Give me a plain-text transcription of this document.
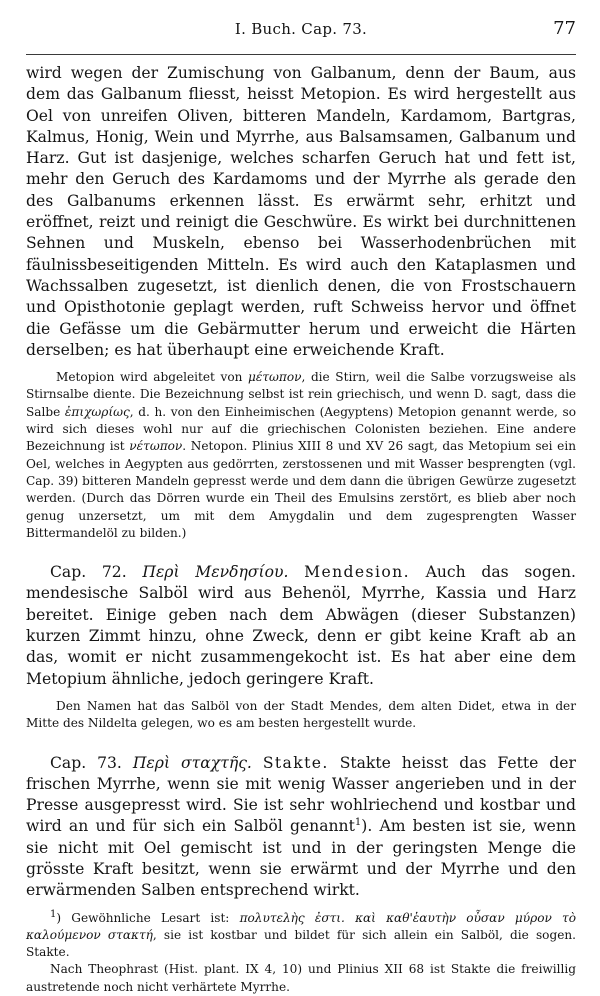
I. Buch. Cap. 73.	77

wird wegen der Zumischung von Galbanum, denn der Baum, aus dem das Galbanum fliesst, heisst Metopion. Es wird hergestellt aus Oel von unreifen Oliven, bitteren Mandeln, Kardamom, Bartgras, Kalmus, Honig, Wein und Myrrhe, aus Balsamsamen, Galbanum und Harz. Gut ist dasjenige, welches scharfen Geruch hat und fett ist, mehr den Geruch des Kardamoms und der Myrrhe als gerade den des Galbanums erkennen lässt. Es erwärmt sehr, erhitzt und eröffnet, reizt und reinigt die Geschwüre. Es wirkt bei durchnittenen Sehnen und Muskeln, ebenso bei Wasserhodenbrüchen mit fäulnissbeseitigenden Mitteln. Es wird auch den Kataplasmen und Wachssalben zugesetzt, ist dienlich denen, die von Frostschauern und Opisthotonie geplagt werden, ruft Schweiss hervor und öffnet die Gefässe um die Gebärmutter herum und erweicht die Härten derselben; es hat überhaupt eine erweichende Kraft.

Metopion wird abgeleitet von μέτωπον, die Stirn, weil die Salbe vorzugsweise als Stirnsalbe diente. Die Bezeichnung selbst ist rein griechisch, und wenn D. sagt, dass die Salbe ἐπιχωρίως, d. h. von den Einheimischen (Aegyptens) Metopion genannt werde, so wird sich dieses wohl nur auf die griechischen Colonisten beziehen. Eine andere Bezeichnung ist νέτωπον. Netopon. Plinius XIII 8 und XV 26 sagt, das Metopium sei ein Oel, welches in Aegypten aus gedörrten, zerstossenen und mit Wasser besprengten (vgl. Cap. 39) bitteren Mandeln gepresst werde und dem dann die übrigen Gewürze zugesetzt werden. (Durch das Dörren wurde ein Theil des Emulsins zerstört, es blieb aber noch genug unzersetzt, um mit dem Amygdalin und dem zugesprengten Wasser Bittermandelöl zu bilden.)

Cap. 72. Περὶ Μενδησίου. Mendesion. Auch das sogen. mendesische Salböl wird aus Behenöl, Myrrhe, Kassia und Harz bereitet. Einige geben nach dem Abwägen (dieser Substanzen) kurzen Zimmt hinzu, ohne Zweck, denn er gibt keine Kraft ab an das, womit er nicht zusammengekocht ist. Es hat aber eine dem Metopium ähnliche, jedoch geringere Kraft.

Den Namen hat das Salböl von der Stadt Mendes, dem alten Didet, etwa in der Mitte des Nildelta gelegen, wo es am besten hergestellt wurde.

Cap. 73. Περὶ σταχτῆς. Stakte. Stakte heisst das Fette der frischen Myrrhe, wenn sie mit wenig Wasser angerieben und in der Presse ausgepresst wird. Sie ist sehr wohlriechend und kostbar und wird an und für sich ein Salböl genannt$^1$). Am besten ist sie, wenn sie nicht mit Oel gemischt ist und in der geringsten Menge die grösste Kraft besitzt, wenn sie erwärmt und der Myrrhe und den erwärmenden Salben entsprechend wirkt.

$^1$) Gewöhnliche Lesart ist: πολυτελὴς ἐστι. καὶ καθ'ἑαυτὴν οὖσαν μύρον τὸ καλούμενον στακτή, sie ist kostbar und bildet für sich allein ein Salböl, die sogen. Stakte.

Nach Theophrast (Hist. plant. IX 4, 10) und Plinius XII 68 ist Stakte die freiwillig austretende noch nicht verhärtete Myrrhe.
